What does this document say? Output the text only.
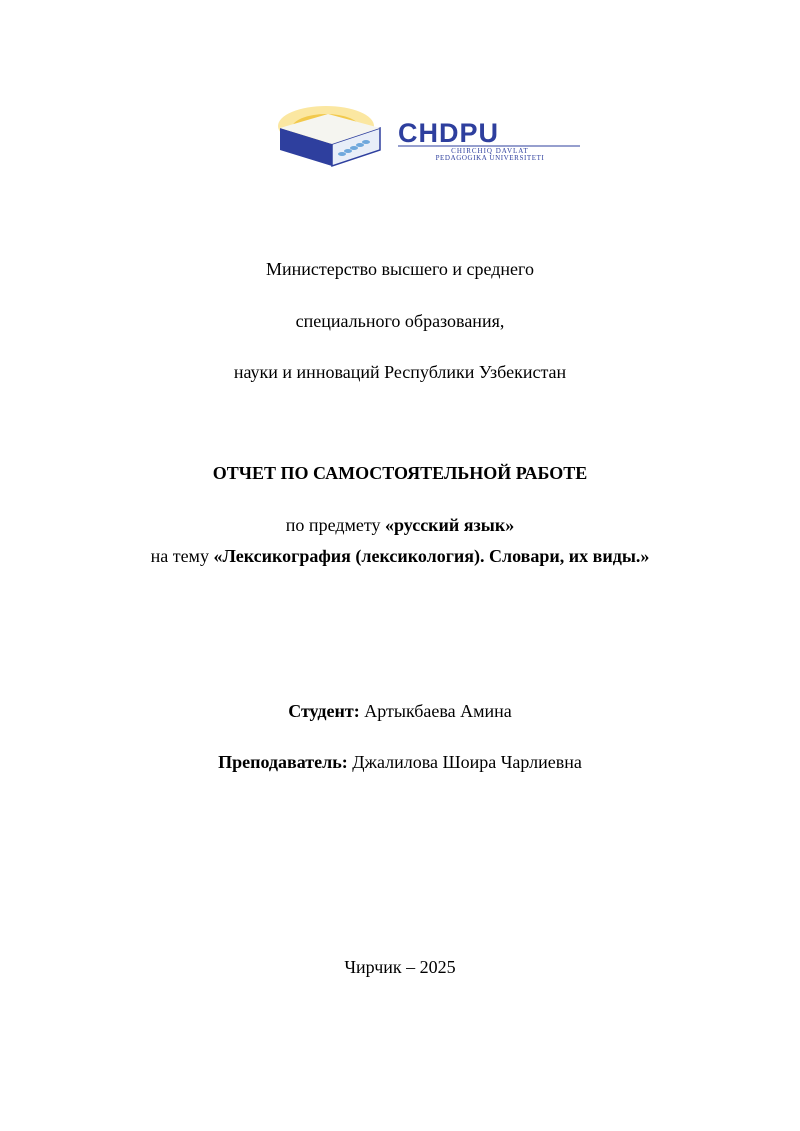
CHDPU
CHIRCHIQ DAVLAT
PEDAGOGIKA UNIVERSITETI
Министерство высшего и среднего
специального образования,
науки и инноваций Республики Узбекистан
ОТЧЕТ ПО САМОСТОЯТЕЛЬНОЙ РАБОТЕ
по предмету «русский язык»
на тему «Лексикография (лексикология). Словари, их виды.»
Студент: Артыкбаева Амина
Преподаватель: Джалилова Шоира Чарлиевна
Чирчик – 2025
